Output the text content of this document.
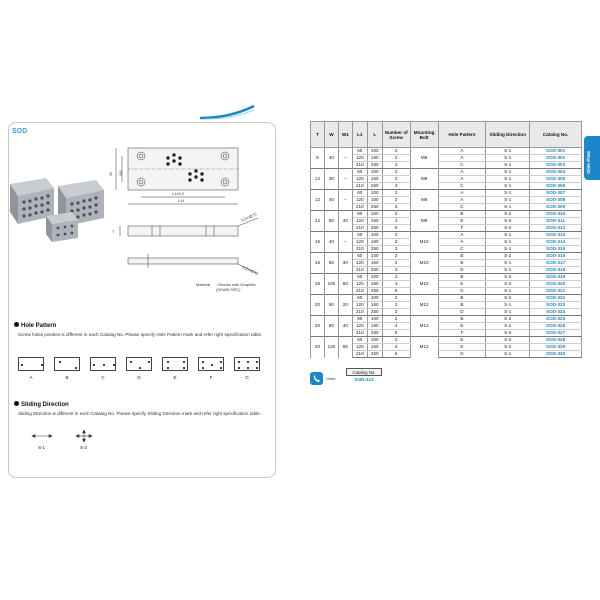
SOD
W W1
L1±0.2
L±1
T
0.5×45°C
0.5×45°C
Material : Bronze with Graphite
(SO#50 SPC)
Hole Pattern
Screw holes position is different in each Catalog No. Please specify Hole Pattern mark and refer right specification table.
A	B	C	D	E	F	G
Sliding Direction
Sliding Direction is different in each Catalog No. Please specify Sliding Direction mark and refer right specification table.
S-1	S-2
T	W	W1	L1	L	Number of Screw	Mounting Bolt	Hole Pattern	Sliding Direction	Catalog No.
8	40	–	60	100	2	M8	A	S-1	SOD-301
			120	160	2		A	S-1	SOD-302
			210	250	3		C	S-1	SOD-303
12	30	–	60	100	2	M8	A	S-1	SOD-304
			120	160	2		A	S-1	SOD-305
			210	250	3		C	S-1	SOD-306
12	40	–	60	100	2	M8	A	S-1	SOD-307
			120	160	2		A	S-1	SOD-308
			210	250	3		C	S-1	SOD-309
12	80	40	60	100	2	M8	B	S-2	SOD-310
			120	160	4		E	S-2	SOD-311
			210	250	5		F	S-2	SOD-312
16	40	–	60	100	2	M10	A	S-1	SOD-313
			120	160	2		A	S-1	SOD-314
			210	250	3		C	S-1	SOD-315
16	60	30	60	100	2	M10	B	S-2	SOD-316
			120	160	2		B	S-1	SOD-317
			210	250	3		D	S-1	SOD-318
16	100	60	60	100	2	M10	B	S-2	SOD-319
			120	160	4		E	S-2	SOD-320
			210	250	6		G	S-1	SOD-321
20	50	20	60	100	2	M12	B	S-2	SOD-322
			120	160	2		B	S-1	SOD-323
			210	250	3		D	S-1	SOD-324
20	80	40	60	100	2	M12	B	S-2	SOD-325
			120	160	4		E	S-2	SOD-326
			210	250	5		F	S-2	SOD-327
20	125	85	60	100	2	M12	E	S-2	SOD-328
			120	160	4		E	S-2	SOD-329
			210	250	6		G	S-1	SOD-330
Order
Catalog No.
SOD-313
Slide Plate
